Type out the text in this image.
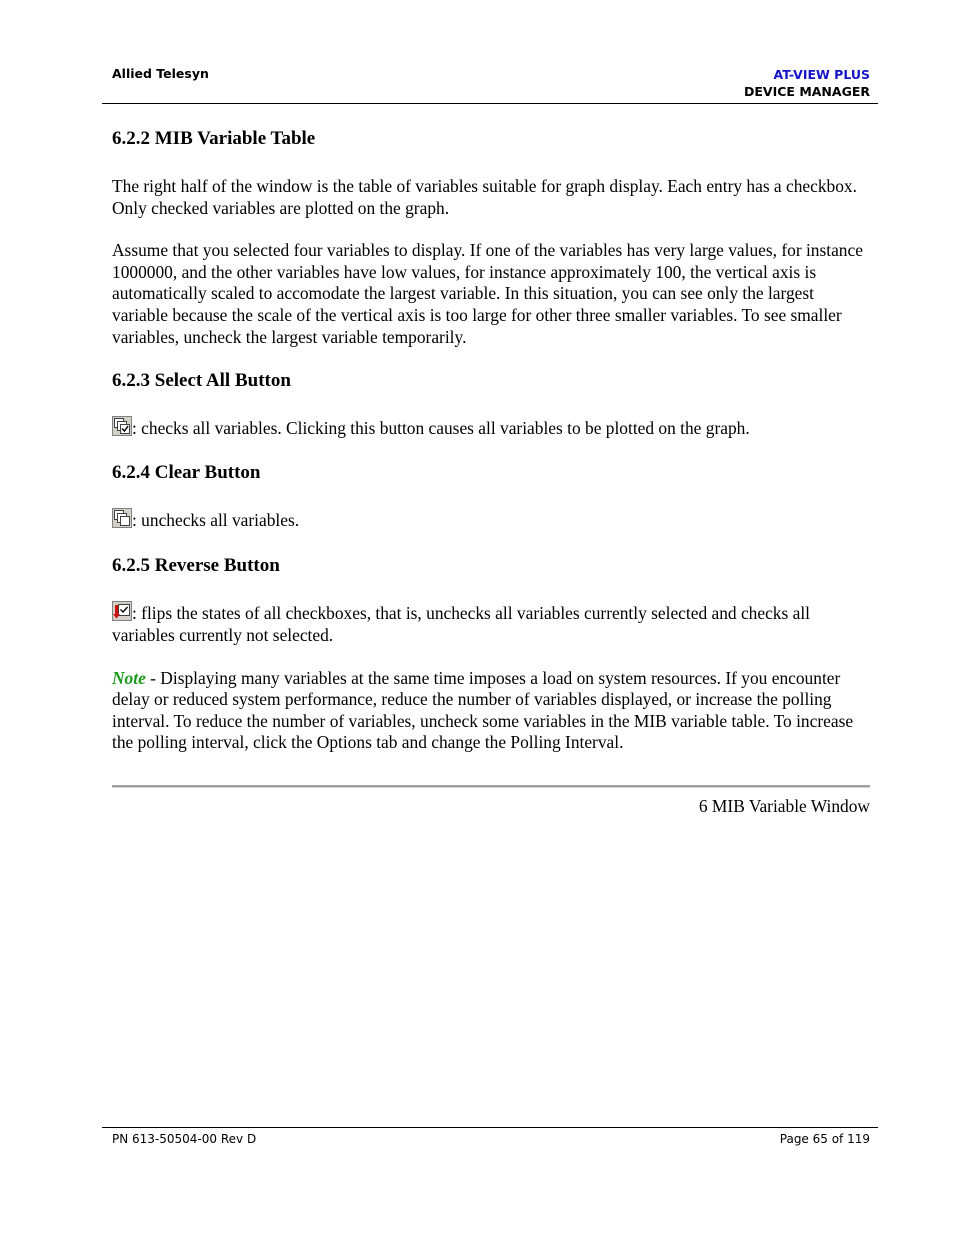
Allied Telesyn	AT-VIEW PLUS
DEVICE MANAGER
6.2.2 MIB Variable Table

The right half of the window is the table of variables suitable for graph display. Each entry has a checkbox. Only checked variables are plotted on the graph.

Assume that you selected four variables to display. If one of the variables has very large values, for instance 1000000, and the other variables have low values, for instance approximately 100, the vertical axis is automatically scaled to accomodate the largest variable. In this situation, you can see only the largest variable because the scale of the vertical axis is too large for other three smaller variables. To see smaller variables, uncheck the largest variable temporarily.

6.2.3 Select All Button

: checks all variables. Clicking this button causes all variables to be plotted on the graph.

6.2.4 Clear Button

: unchecks all variables.

6.2.5 Reverse Button

: flips the states of all checkboxes, that is, unchecks all variables currently selected and checks all variables currently not selected.

Note - Displaying many variables at the same time imposes a load on system resources. If you encounter delay or reduced system performance, reduce the number of variables displayed, or increase the polling interval. To reduce the number of variables, uncheck some variables in the MIB variable table. To increase the polling interval, click the Options tab and change the Polling Interval.

6 MIB Variable Window
PN 613-50504-00 Rev D	Page 65 of 119
